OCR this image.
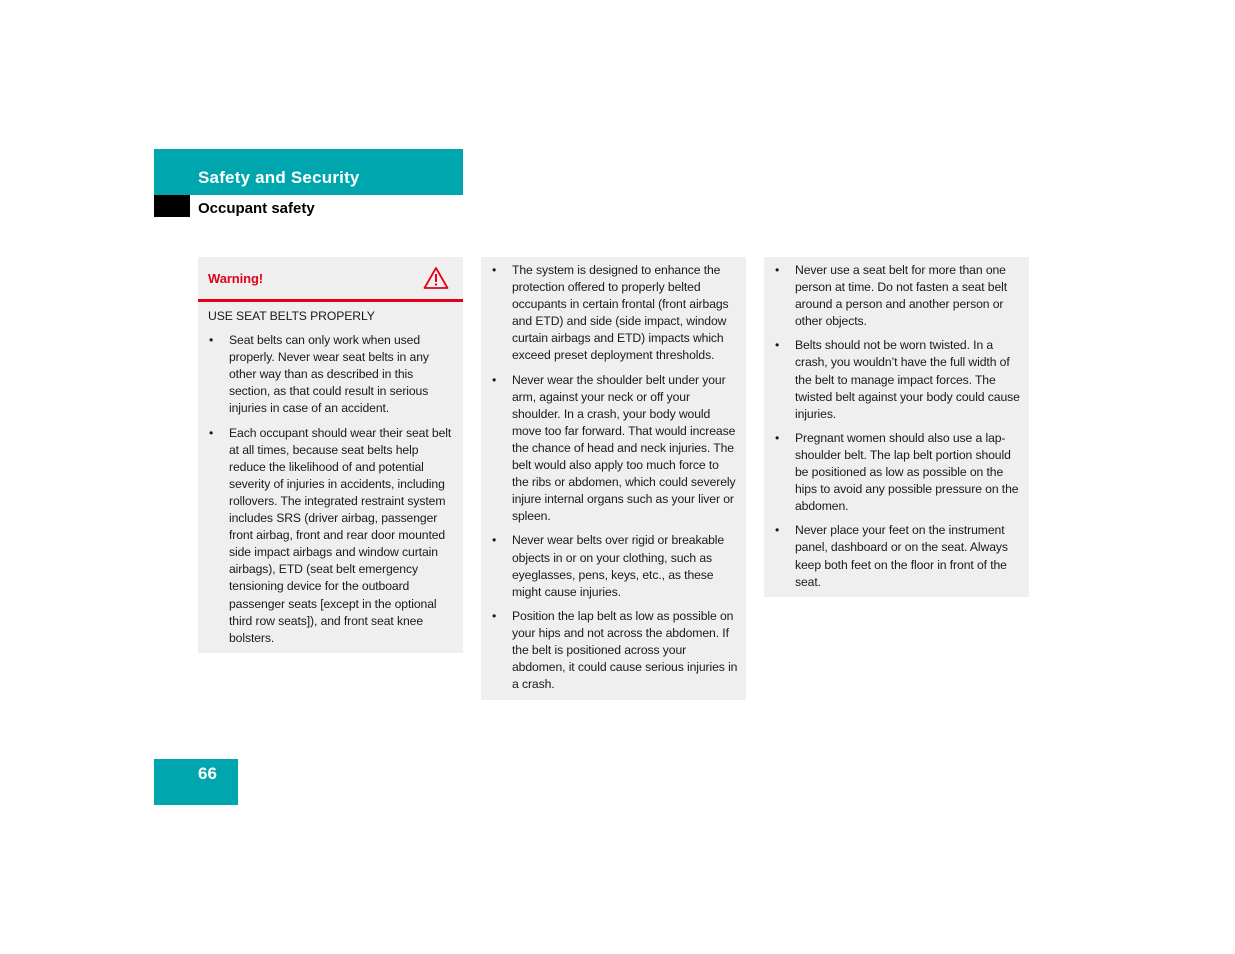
Safety and Security
Occupant safety
Warning!

USE SEAT BELTS PROPERLY

• Seat belts can only work when used properly. Never wear seat belts in any other way than as described in this section, as that could result in serious injuries in case of an accident.
• Each occupant should wear their seat belt at all times, because seat belts help reduce the likelihood of and potential severity of injuries in accidents, including rollovers. The integrated restraint system includes SRS (driver airbag, passenger front airbag, front and rear door mounted side impact airbags and window curtain airbags), ETD (seat belt emergency tensioning device for the outboard passenger seats [except in the optional third row seats]), and front seat knee bolsters.
• The system is designed to enhance the protection offered to properly belted occupants in certain frontal (front airbags and ETD) and side (side impact, window curtain airbags and ETD) impacts which exceed preset deployment thresholds.
• Never wear the shoulder belt under your arm, against your neck or off your shoulder. In a crash, your body would move too far forward. That would increase the chance of head and neck injuries. The belt would also apply too much force to the ribs or abdomen, which could severely injure internal organs such as your liver or spleen.
• Never wear belts over rigid or breakable objects in or on your clothing, such as eyeglasses, pens, keys, etc., as these might cause injuries.
• Position the lap belt as low as possible on your hips and not across the abdomen. If the belt is positioned across your abdomen, it could cause serious injuries in a crash.
• Never use a seat belt for more than one person at time. Do not fasten a seat belt around a person and another person or other objects.
• Belts should not be worn twisted. In a crash, you wouldn’t have the full width of the belt to manage impact forces. The twisted belt against your body could cause injuries.
• Pregnant women should also use a lap-shoulder belt. The lap belt portion should be positioned as low as possible on the hips to avoid any possible pressure on the abdomen.
• Never place your feet on the instrument panel, dashboard or on the seat. Always keep both feet on the floor in front of the seat.
66
